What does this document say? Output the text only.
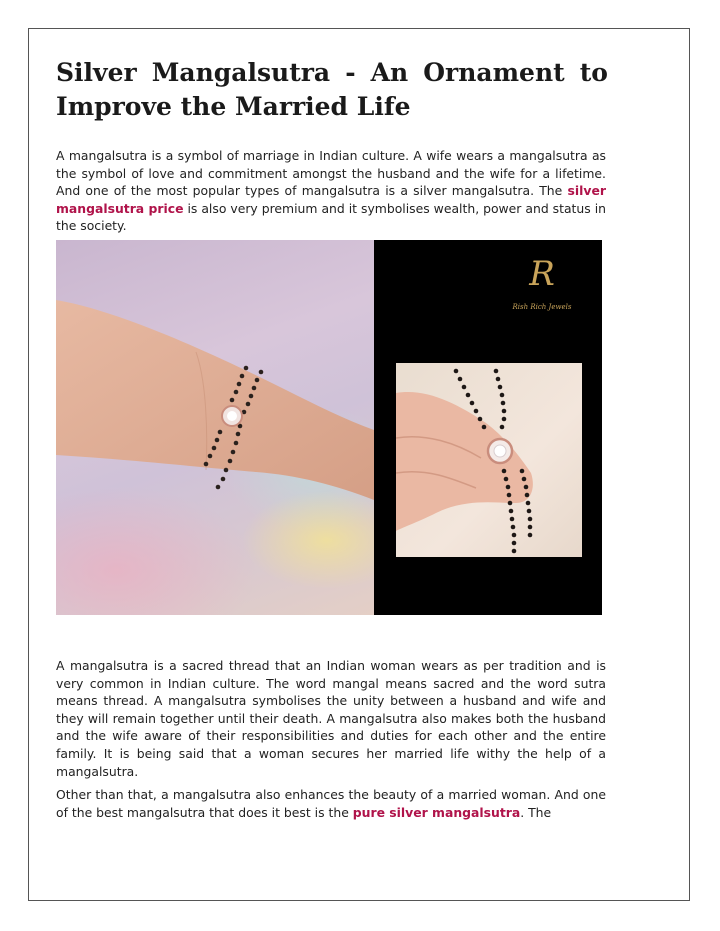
Silver Mangalsutra - An Ornament to Improve the Married Life

A mangalsutra is a symbol of marriage in Indian culture. A wife wears a mangalsutra as the symbol of love and commitment amongst the husband and the wife for a lifetime. And one of the most popular types of mangalsutra is a silver mangalsutra. The silver mangalsutra price is also very premium and it symbolises wealth, power and status in the society.

R
Rish Rich Jewels

A mangalsutra is a sacred thread that an Indian woman wears as per tradition and is very common in Indian culture. The word mangal means sacred and the word sutra means thread. A mangalsutra symbolises the unity between a husband and wife and they will remain together until their death. A mangalsutra also makes both the husband and the wife aware of their responsibilities and duties for each other and the entire family. It is being said that a woman secures her married life withy the help of a mangalsutra.

Other than that, a mangalsutra also enhances the beauty of a married woman. And one of the best mangalsutra that does it best is the pure silver mangalsutra. The
